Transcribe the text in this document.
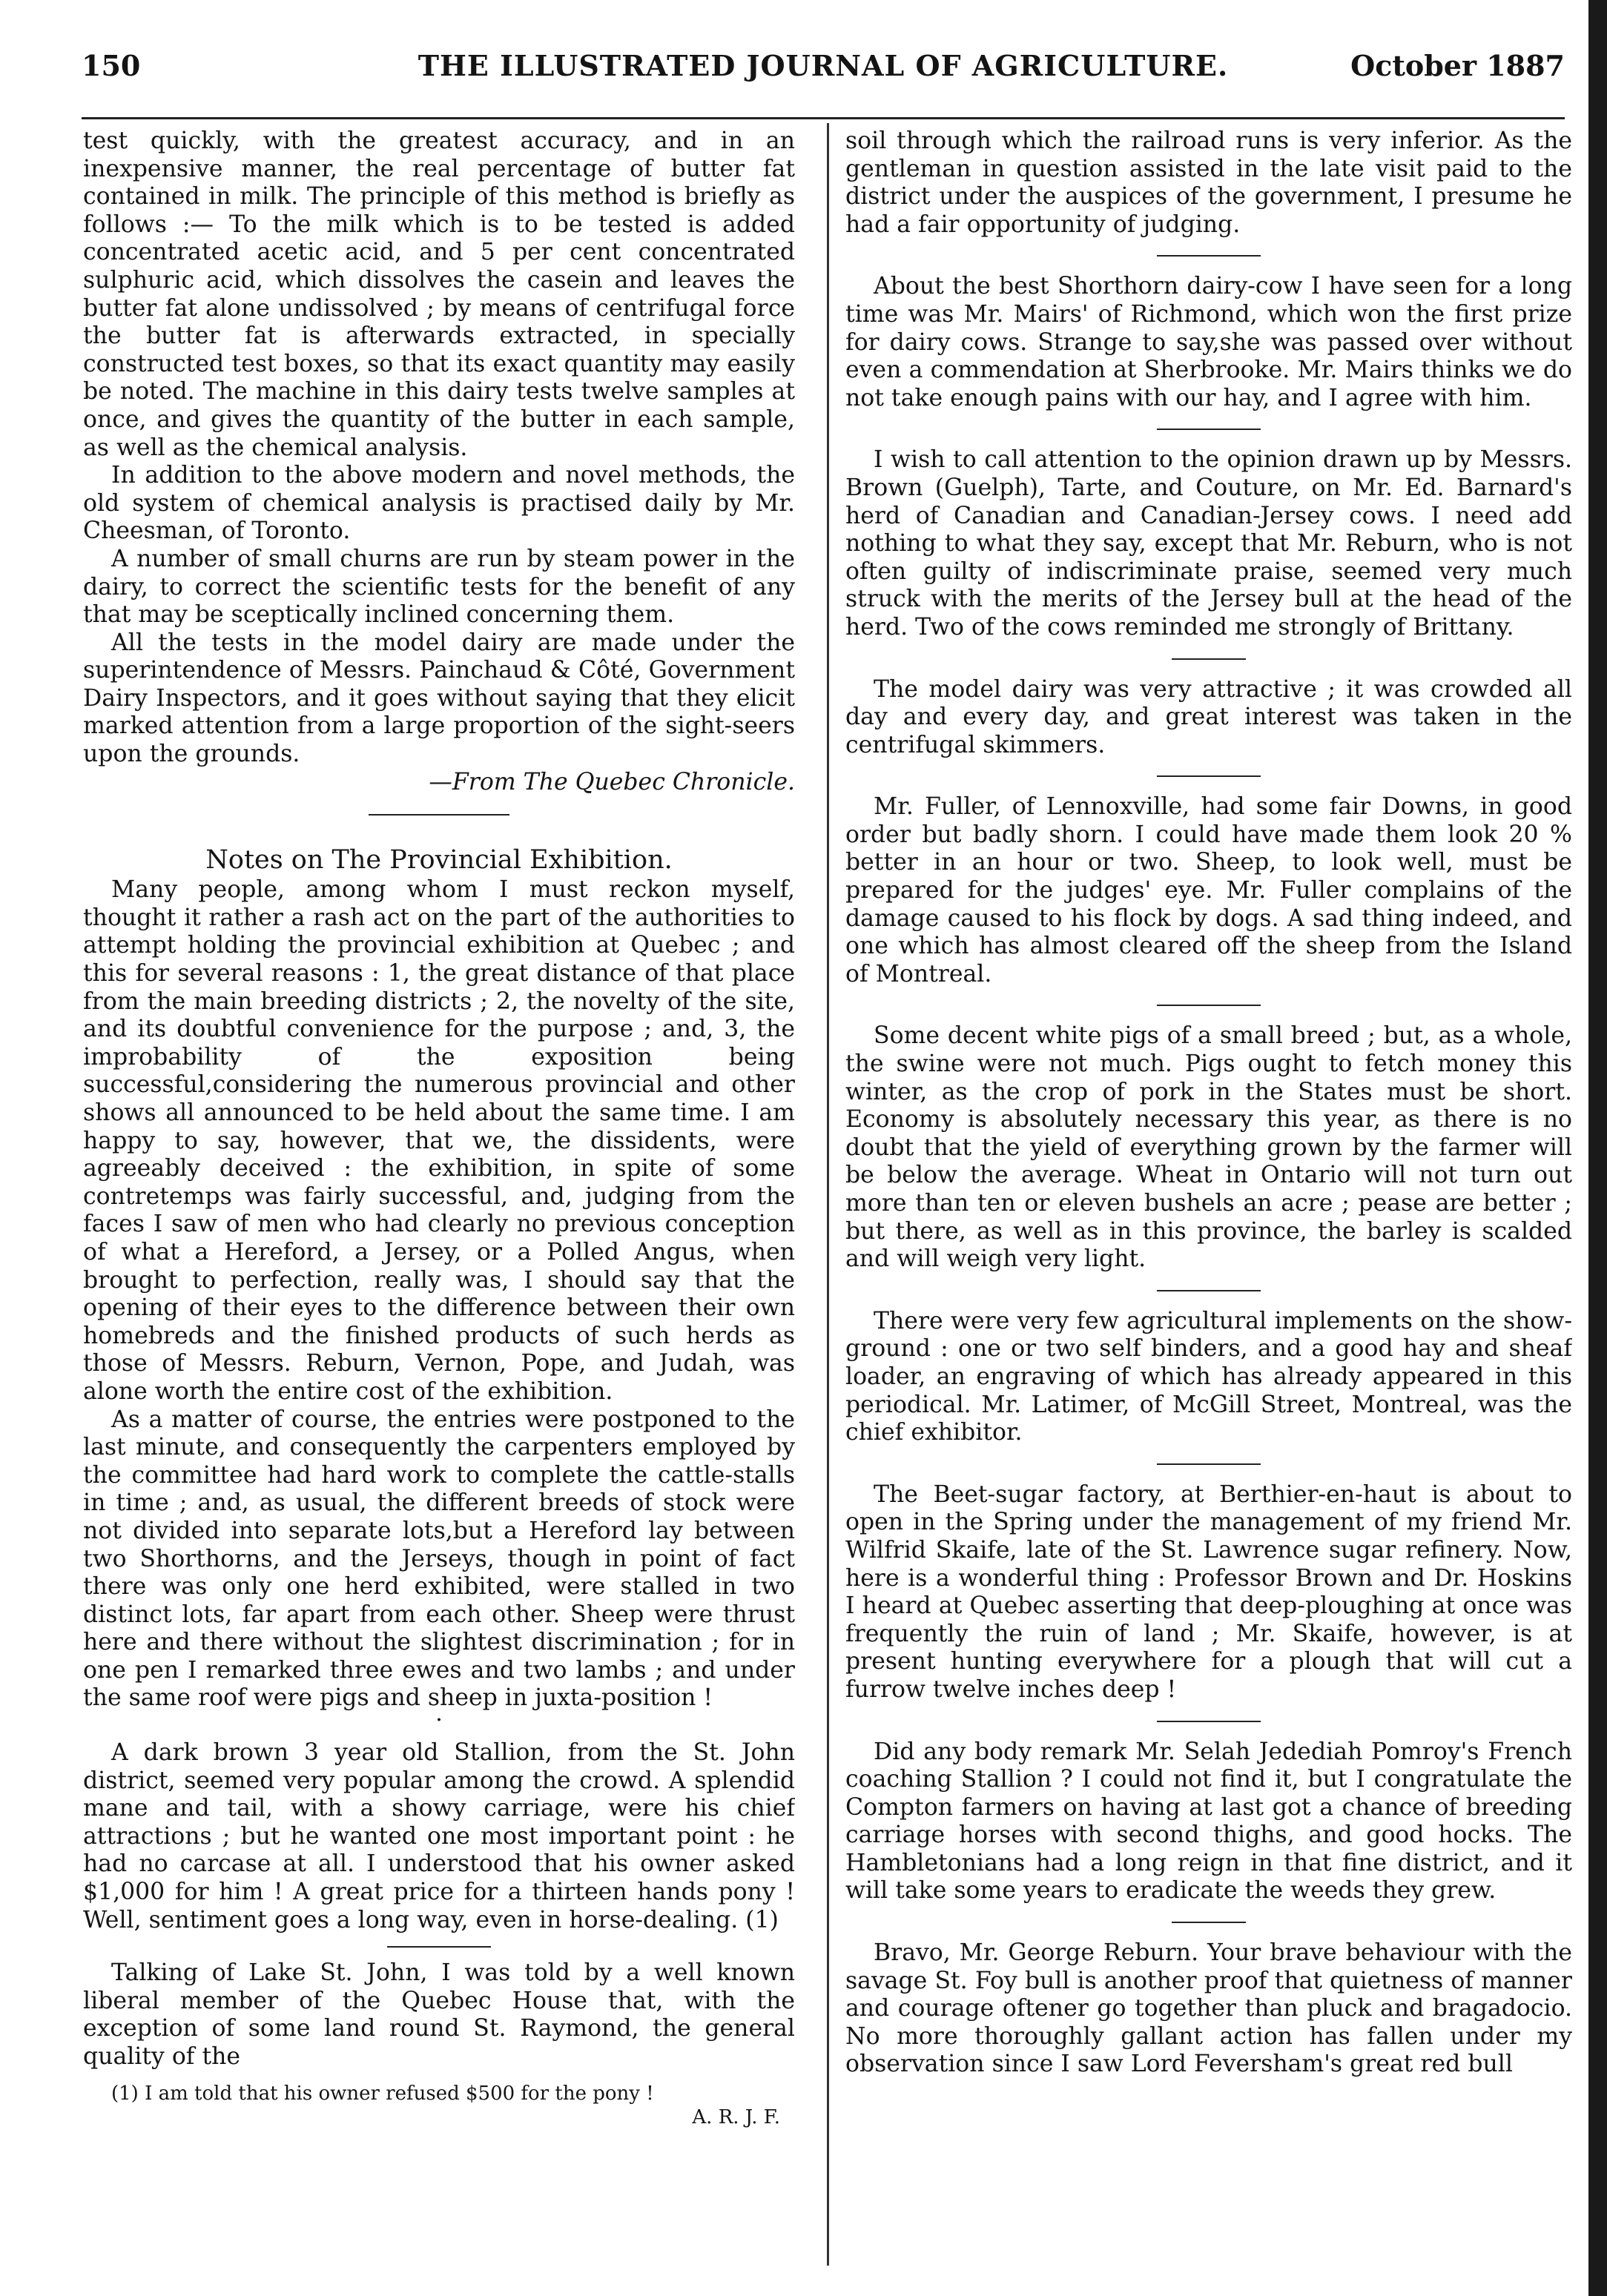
150	THE ILLUSTRATED JOURNAL OF AGRICULTURE.	October 1887

test quickly, with the greatest accuracy, and in an inexpensive manner, the real percentage of butter fat contained in milk. The principle of this method is briefly as follows :— To the milk which is to be tested is added concentrated acetic acid, and 5 per cent concentrated sulphuric acid, which dissolves the casein and leaves the butter fat alone undissolved ; by means of centrifugal force the butter fat is afterwards extracted, in specially constructed test boxes, so that its exact quantity may easily be noted. The machine in this dairy tests twelve samples at once, and gives the quantity of the butter in each sample, as well as the chemical analysis.

In addition to the above modern and novel methods, the old system of chemical analysis is practised daily by Mr. Cheesman, of Toronto.

A number of small churns are run by steam power in the dairy, to correct the scientific tests for the benefit of any that may be sceptically inclined concerning them.

All the tests in the model dairy are made under the superintendence of Messrs. Painchaud & Côté, Government Dairy Inspectors, and it goes without saying that they elicit marked attention from a large proportion of the sight-seers upon the grounds.

—From The Quebec Chronicle.

Notes on The Provincial Exhibition.

Many people, among whom I must reckon myself, thought it rather a rash act on the part of the authorities to attempt holding the provincial exhibition at Quebec ; and this for several reasons : 1, the great distance of that place from the main breeding districts ; 2, the novelty of the site, and its doubtful convenience for the purpose ; and, 3, the improbability of the exposition being successful,considering the numerous provincial and other shows all announced to be held about the same time. I am happy to say, however, that we, the dissidents, were agreeably deceived : the exhibition, in spite of some contretemps was fairly successful, and, judging from the faces I saw of men who had clearly no previous conception of what a Hereford, a Jersey, or a Polled Angus, when brought to perfection, really was, I should say that the opening of their eyes to the difference between their own homebreds and the finished products of such herds as those of Messrs. Reburn, Vernon, Pope, and Judah, was alone worth the entire cost of the exhibition.

As a matter of course, the entries were postponed to the last minute, and consequently the carpenters employed by the committee had hard work to complete the cattle-stalls in time ; and, as usual, the different breeds of stock were not divided into separate lots,but a Hereford lay between two Shorthorns, and the Jerseys, though in point of fact there was only one herd exhibited, were stalled in two distinct lots, far apart from each other. Sheep were thrust here and there without the slightest discrimination ; for in one pen I remarked three ewes and two lambs ; and under the same roof were pigs and sheep in juxta-position !

·

A dark brown 3 year old Stallion, from the St. John district, seemed very popular among the crowd. A splendid mane and tail, with a showy carriage, were his chief attractions ; but he wanted one most important point : he had no carcase at all. I understood that his owner asked $1,000 for him ! A great price for a thirteen hands pony ! Well, sentiment goes a long way, even in horse-dealing. (1)

Talking of Lake St. John, I was told by a well known liberal member of the Quebec House that, with the exception of some land round St. Raymond, the general quality of the

(1) I am told that his owner refused $500 for the pony !

A. R. J. F.

soil through which the railroad runs is very inferior. As the gentleman in question assisted in the late visit paid to the district under the auspices of the government, I presume he had a fair opportunity of judging.

About the best Shorthorn dairy-cow I have seen for a long time was Mr. Mairs' of Richmond, which won the first prize for dairy cows. Strange to say,she was passed over without even a commendation at Sherbrooke. Mr. Mairs thinks we do not take enough pains with our hay, and I agree with him.

I wish to call attention to the opinion drawn up by Messrs. Brown (Guelph), Tarte, and Couture, on Mr. Ed. Barnard's herd of Canadian and Canadian-Jersey cows. I need add nothing to what they say, except that Mr. Reburn, who is not often guilty of indiscriminate praise, seemed very much struck with the merits of the Jersey bull at the head of the herd. Two of the cows reminded me strongly of Brittany.

The model dairy was very attractive ; it was crowded all day and every day, and great interest was taken in the centrifugal skimmers.

Mr. Fuller, of Lennoxville, had some fair Downs, in good order but badly shorn. I could have made them look 20 % better in an hour or two. Sheep, to look well, must be prepared for the judges' eye. Mr. Fuller complains of the damage caused to his flock by dogs. A sad thing indeed, and one which has almost cleared off the sheep from the Island of Montreal.

Some decent white pigs of a small breed ; but, as a whole, the swine were not much. Pigs ought to fetch money this winter, as the crop of pork in the States must be short. Economy is absolutely necessary this year, as there is no doubt that the yield of everything grown by the farmer will be below the average. Wheat in Ontario will not turn out more than ten or eleven bushels an acre ; pease are better ; but there, as well as in this province, the barley is scalded and will weigh very light.

There were very few agricultural implements on the show-ground : one or two self binders, and a good hay and sheaf loader, an engraving of which has already appeared in this periodical. Mr. Latimer, of McGill Street, Montreal, was the chief exhibitor.

The Beet-sugar factory, at Berthier-en-haut is about to open in the Spring under the management of my friend Mr. Wilfrid Skaife, late of the St. Lawrence sugar refinery. Now, here is a wonderful thing : Professor Brown and Dr. Hoskins I heard at Quebec asserting that deep-ploughing at once was frequently the ruin of land ; Mr. Skaife, however, is at present hunting everywhere for a plough that will cut a furrow twelve inches deep !

Did any body remark Mr. Selah Jedediah Pomroy's French coaching Stallion ? I could not find it, but I congratulate the Compton farmers on having at last got a chance of breeding carriage horses with second thighs, and good hocks. The Hambletonians had a long reign in that fine district, and it will take some years to eradicate the weeds they grew.

Bravo, Mr. George Reburn. Your brave behaviour with the savage St. Foy bull is another proof that quietness of manner and courage oftener go together than pluck and bragadocio. No more thoroughly gallant action has fallen under my observation since I saw Lord Feversham's great red bull
